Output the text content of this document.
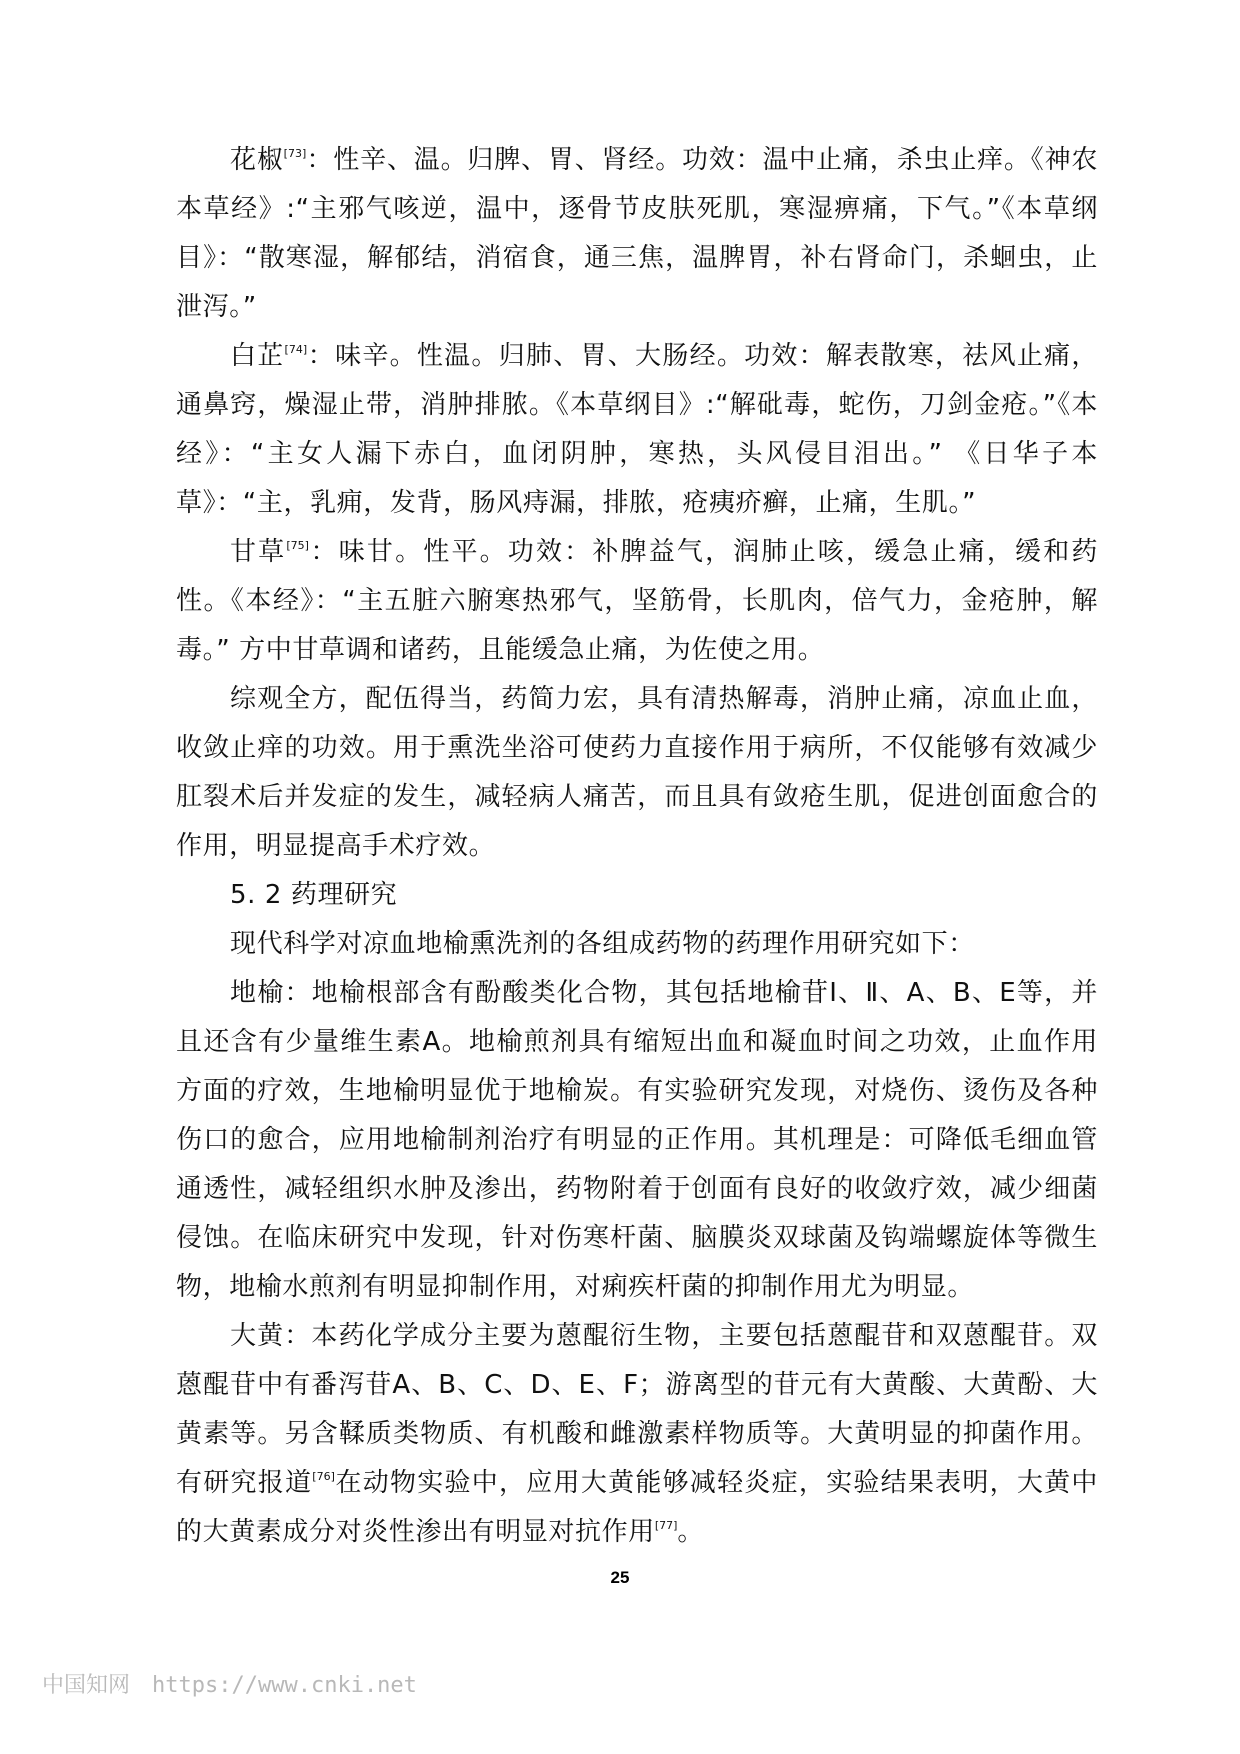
花椒[73]：性辛、温。归脾、胃、肾经。功效：温中止痛，杀虫止痒。《神农本草经》:“主邪气咳逆，温中，逐骨节皮肤死肌，寒湿痹痛，下气。”《本草纲目》：“散寒湿，解郁结，消宿食，通三焦，温脾胃，补右肾命门，杀蛔虫，止泄泻。”

白芷[74]：味辛。性温。归肺、胃、大肠经。功效：解表散寒，祛风止痛，通鼻窍，燥湿止带，消肿排脓。《本草纲目》:“解砒毒，蛇伤，刀剑金疮。”《本经》：“主女人漏下赤白，血闭阴肿，寒热，头风侵目泪出。” 《日华子本草》：“主，乳痈，发背，肠风痔漏，排脓，疮痍疥癣，止痛，生肌。”

甘草[75]：味甘。性平。功效：补脾益气，润肺止咳，缓急止痛，缓和药性。《本经》：“主五脏六腑寒热邪气，坚筋骨，长肌肉，倍气力，金疮肿，解毒。” 方中甘草调和诸药，且能缓急止痛，为佐使之用。

综观全方，配伍得当，药简力宏，具有清热解毒，消肿止痛，凉血止血，收敛止痒的功效。用于熏洗坐浴可使药力直接作用于病所，不仅能够有效减少肛裂术后并发症的发生，减轻病人痛苦，而且具有敛疮生肌，促进创面愈合的作用，明显提高手术疗效。

5. 2 药理研究

现代科学对凉血地榆熏洗剂的各组成药物的药理作用研究如下：

地榆：地榆根部含有酚酸类化合物，其包括地榆苷Ⅰ、Ⅱ、A、B、E等，并且还含有少量维生素A。地榆煎剂具有缩短出血和凝血时间之功效，止血作用方面的疗效，生地榆明显优于地榆炭。有实验研究发现，对烧伤、烫伤及各种伤口的愈合，应用地榆制剂治疗有明显的正作用。其机理是：可降低毛细血管通透性，减轻组织水肿及渗出，药物附着于创面有良好的收敛疗效，减少细菌侵蚀。在临床研究中发现，针对伤寒杆菌、脑膜炎双球菌及钩端螺旋体等微生物，地榆水煎剂有明显抑制作用，对痢疾杆菌的抑制作用尤为明显。

大黄：本药化学成分主要为蒽醌衍生物，主要包括蒽醌苷和双蒽醌苷。双蒽醌苷中有番泻苷A、B、C、D、E、F；游离型的苷元有大黄酸、大黄酚、大黄素等。另含鞣质类物质、有机酸和雌激素样物质等。大黄明显的抑菌作用。有研究报道[76]在动物实验中，应用大黄能够减轻炎症，实验结果表明，大黄中的大黄素成分对炎性渗出有明显对抗作用[77]。

25
中国知网 https://www.cnki.net
